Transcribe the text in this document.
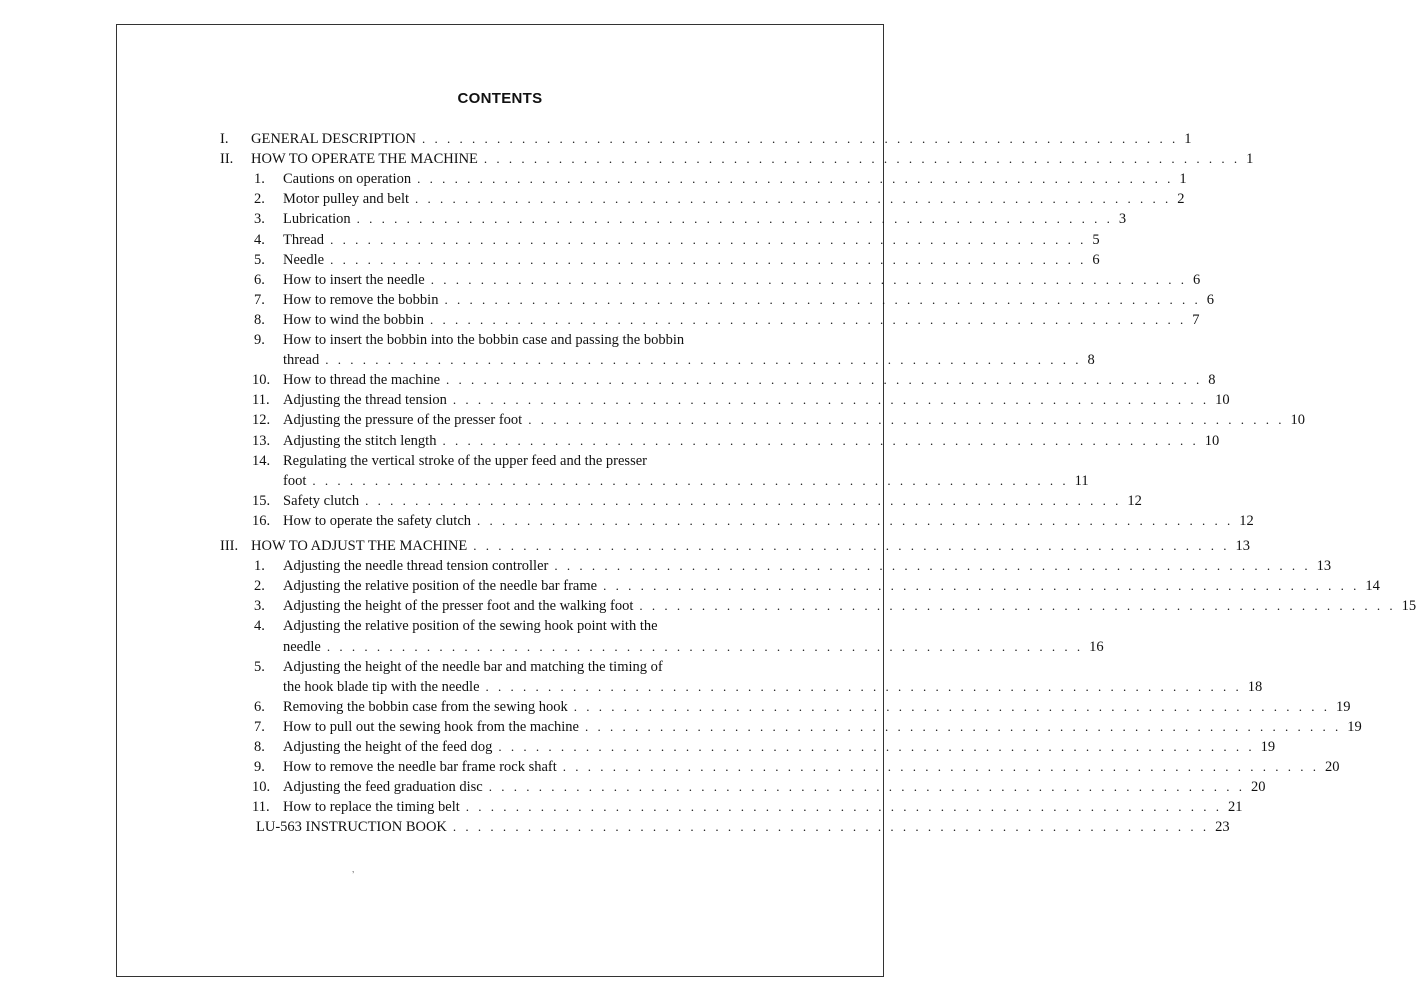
CONTENTS
I. GENERAL DESCRIPTION . . . . . . . . . . . . . . . . . . . . . . . . . . . . . . . . . . . . . . . . . . . . . . . . . . . . . . . . . . . . . 1
II. HOW TO OPERATE THE MACHINE . . . . . . . . . . . . . . . . . . . . . . . . . . . . . . . . . . . . . . . . . . . . . . . . . . . . . . . . . . . . . 1
1. Cautions on operation . . . . . . . . . . . . . . . . . . . . . . . . . . . . . . . . . . . . . . . . . . . . . . . . . . . . . . . . . . . . . 1
2. Motor pulley and belt . . . . . . . . . . . . . . . . . . . . . . . . . . . . . . . . . . . . . . . . . . . . . . . . . . . . . . . . . . . . . 2
3. Lubrication . . . . . . . . . . . . . . . . . . . . . . . . . . . . . . . . . . . . . . . . . . . . . . . . . . . . . . . . . . . . . 3
4. Thread . . . . . . . . . . . . . . . . . . . . . . . . . . . . . . . . . . . . . . . . . . . . . . . . . . . . . . . . . . . . . 5
5. Needle . . . . . . . . . . . . . . . . . . . . . . . . . . . . . . . . . . . . . . . . . . . . . . . . . . . . . . . . . . . . . 6
6. How to insert the needle . . . . . . . . . . . . . . . . . . . . . . . . . . . . . . . . . . . . . . . . . . . . . . . . . . . . . . . . . . . . . 6
7. How to remove the bobbin . . . . . . . . . . . . . . . . . . . . . . . . . . . . . . . . . . . . . . . . . . . . . . . . . . . . . . . . . . . . . 6
8. How to wind the bobbin . . . . . . . . . . . . . . . . . . . . . . . . . . . . . . . . . . . . . . . . . . . . . . . . . . . . . . . . . . . . . 7
9. How to insert the bobbin into the bobbin case and passing the bobbin
thread . . . . . . . . . . . . . . . . . . . . . . . . . . . . . . . . . . . . . . . . . . . . . . . . . . . . . . . . . . . . . 8
10. How to thread the machine . . . . . . . . . . . . . . . . . . . . . . . . . . . . . . . . . . . . . . . . . . . . . . . . . . . . . . . . . . . . . 8
11. Adjusting the thread tension . . . . . . . . . . . . . . . . . . . . . . . . . . . . . . . . . . . . . . . . . . . . . . . . . . . . . . . . . . . . . 10
12. Adjusting the pressure of the presser foot . . . . . . . . . . . . . . . . . . . . . . . . . . . . . . . . . . . . . . . . . . . . . . . . . . . . . . . . . . . . . 10
13. Adjusting the stitch length . . . . . . . . . . . . . . . . . . . . . . . . . . . . . . . . . . . . . . . . . . . . . . . . . . . . . . . . . . . . . 10
14. Regulating the vertical stroke of the upper feed and the presser
foot . . . . . . . . . . . . . . . . . . . . . . . . . . . . . . . . . . . . . . . . . . . . . . . . . . . . . . . . . . . . . 11
15. Safety clutch . . . . . . . . . . . . . . . . . . . . . . . . . . . . . . . . . . . . . . . . . . . . . . . . . . . . . . . . . . . . . 12
16. How to operate the safety clutch . . . . . . . . . . . . . . . . . . . . . . . . . . . . . . . . . . . . . . . . . . . . . . . . . . . . . . . . . . . . . 12
III. HOW TO ADJUST THE MACHINE . . . . . . . . . . . . . . . . . . . . . . . . . . . . . . . . . . . . . . . . . . . . . . . . . . . . . . . . . . . . . 13
1. Adjusting the needle thread tension controller . . . . . . . . . . . . . . . . . . . . . . . . . . . . . . . . . . . . . . . . . . . . . . . . . . . . . . . . . . . . . 13
2. Adjusting the relative position of the needle bar frame . . . . . . . . . . . . . . . . . . . . . . . . . . . . . . . . . . . . . . . . . . . . . . . . . . . . . . . . . . . . . 14
3. Adjusting the height of the presser foot and the walking foot . . . . . . . . . . . . . . . . . . . . . . . . . . . . . . . . . . . . . . . . . . . . . . . . . . . . . . . . . . . . . 15
4. Adjusting the relative position of the sewing hook point with the
needle . . . . . . . . . . . . . . . . . . . . . . . . . . . . . . . . . . . . . . . . . . . . . . . . . . . . . . . . . . . . . 16
5. Adjusting the height of the needle bar and matching the timing of
the hook blade tip with the needle . . . . . . . . . . . . . . . . . . . . . . . . . . . . . . . . . . . . . . . . . . . . . . . . . . . . . . . . . . . . . 18
6. Removing the bobbin case from the sewing hook . . . . . . . . . . . . . . . . . . . . . . . . . . . . . . . . . . . . . . . . . . . . . . . . . . . . . . . . . . . . . 19
7. How to pull out the sewing hook from the machine . . . . . . . . . . . . . . . . . . . . . . . . . . . . . . . . . . . . . . . . . . . . . . . . . . . . . . . . . . . . . 19
8. Adjusting the height of the feed dog . . . . . . . . . . . . . . . . . . . . . . . . . . . . . . . . . . . . . . . . . . . . . . . . . . . . . . . . . . . . . 19
9. How to remove the needle bar frame rock shaft . . . . . . . . . . . . . . . . . . . . . . . . . . . . . . . . . . . . . . . . . . . . . . . . . . . . . . . . . . . . . 20
10. Adjusting the feed graduation disc . . . . . . . . . . . . . . . . . . . . . . . . . . . . . . . . . . . . . . . . . . . . . . . . . . . . . . . . . . . . . 20
11. How to replace the timing belt . . . . . . . . . . . . . . . . . . . . . . . . . . . . . . . . . . . . . . . . . . . . . . . . . . . . . . . . . . . . . 21
LU-563 INSTRUCTION BOOK . . . . . . . . . . . . . . . . . . . . . . . . . . . . . . . . . . . . . . . . . . . . . . . . . . . . . . . . . . . . . 23
’
